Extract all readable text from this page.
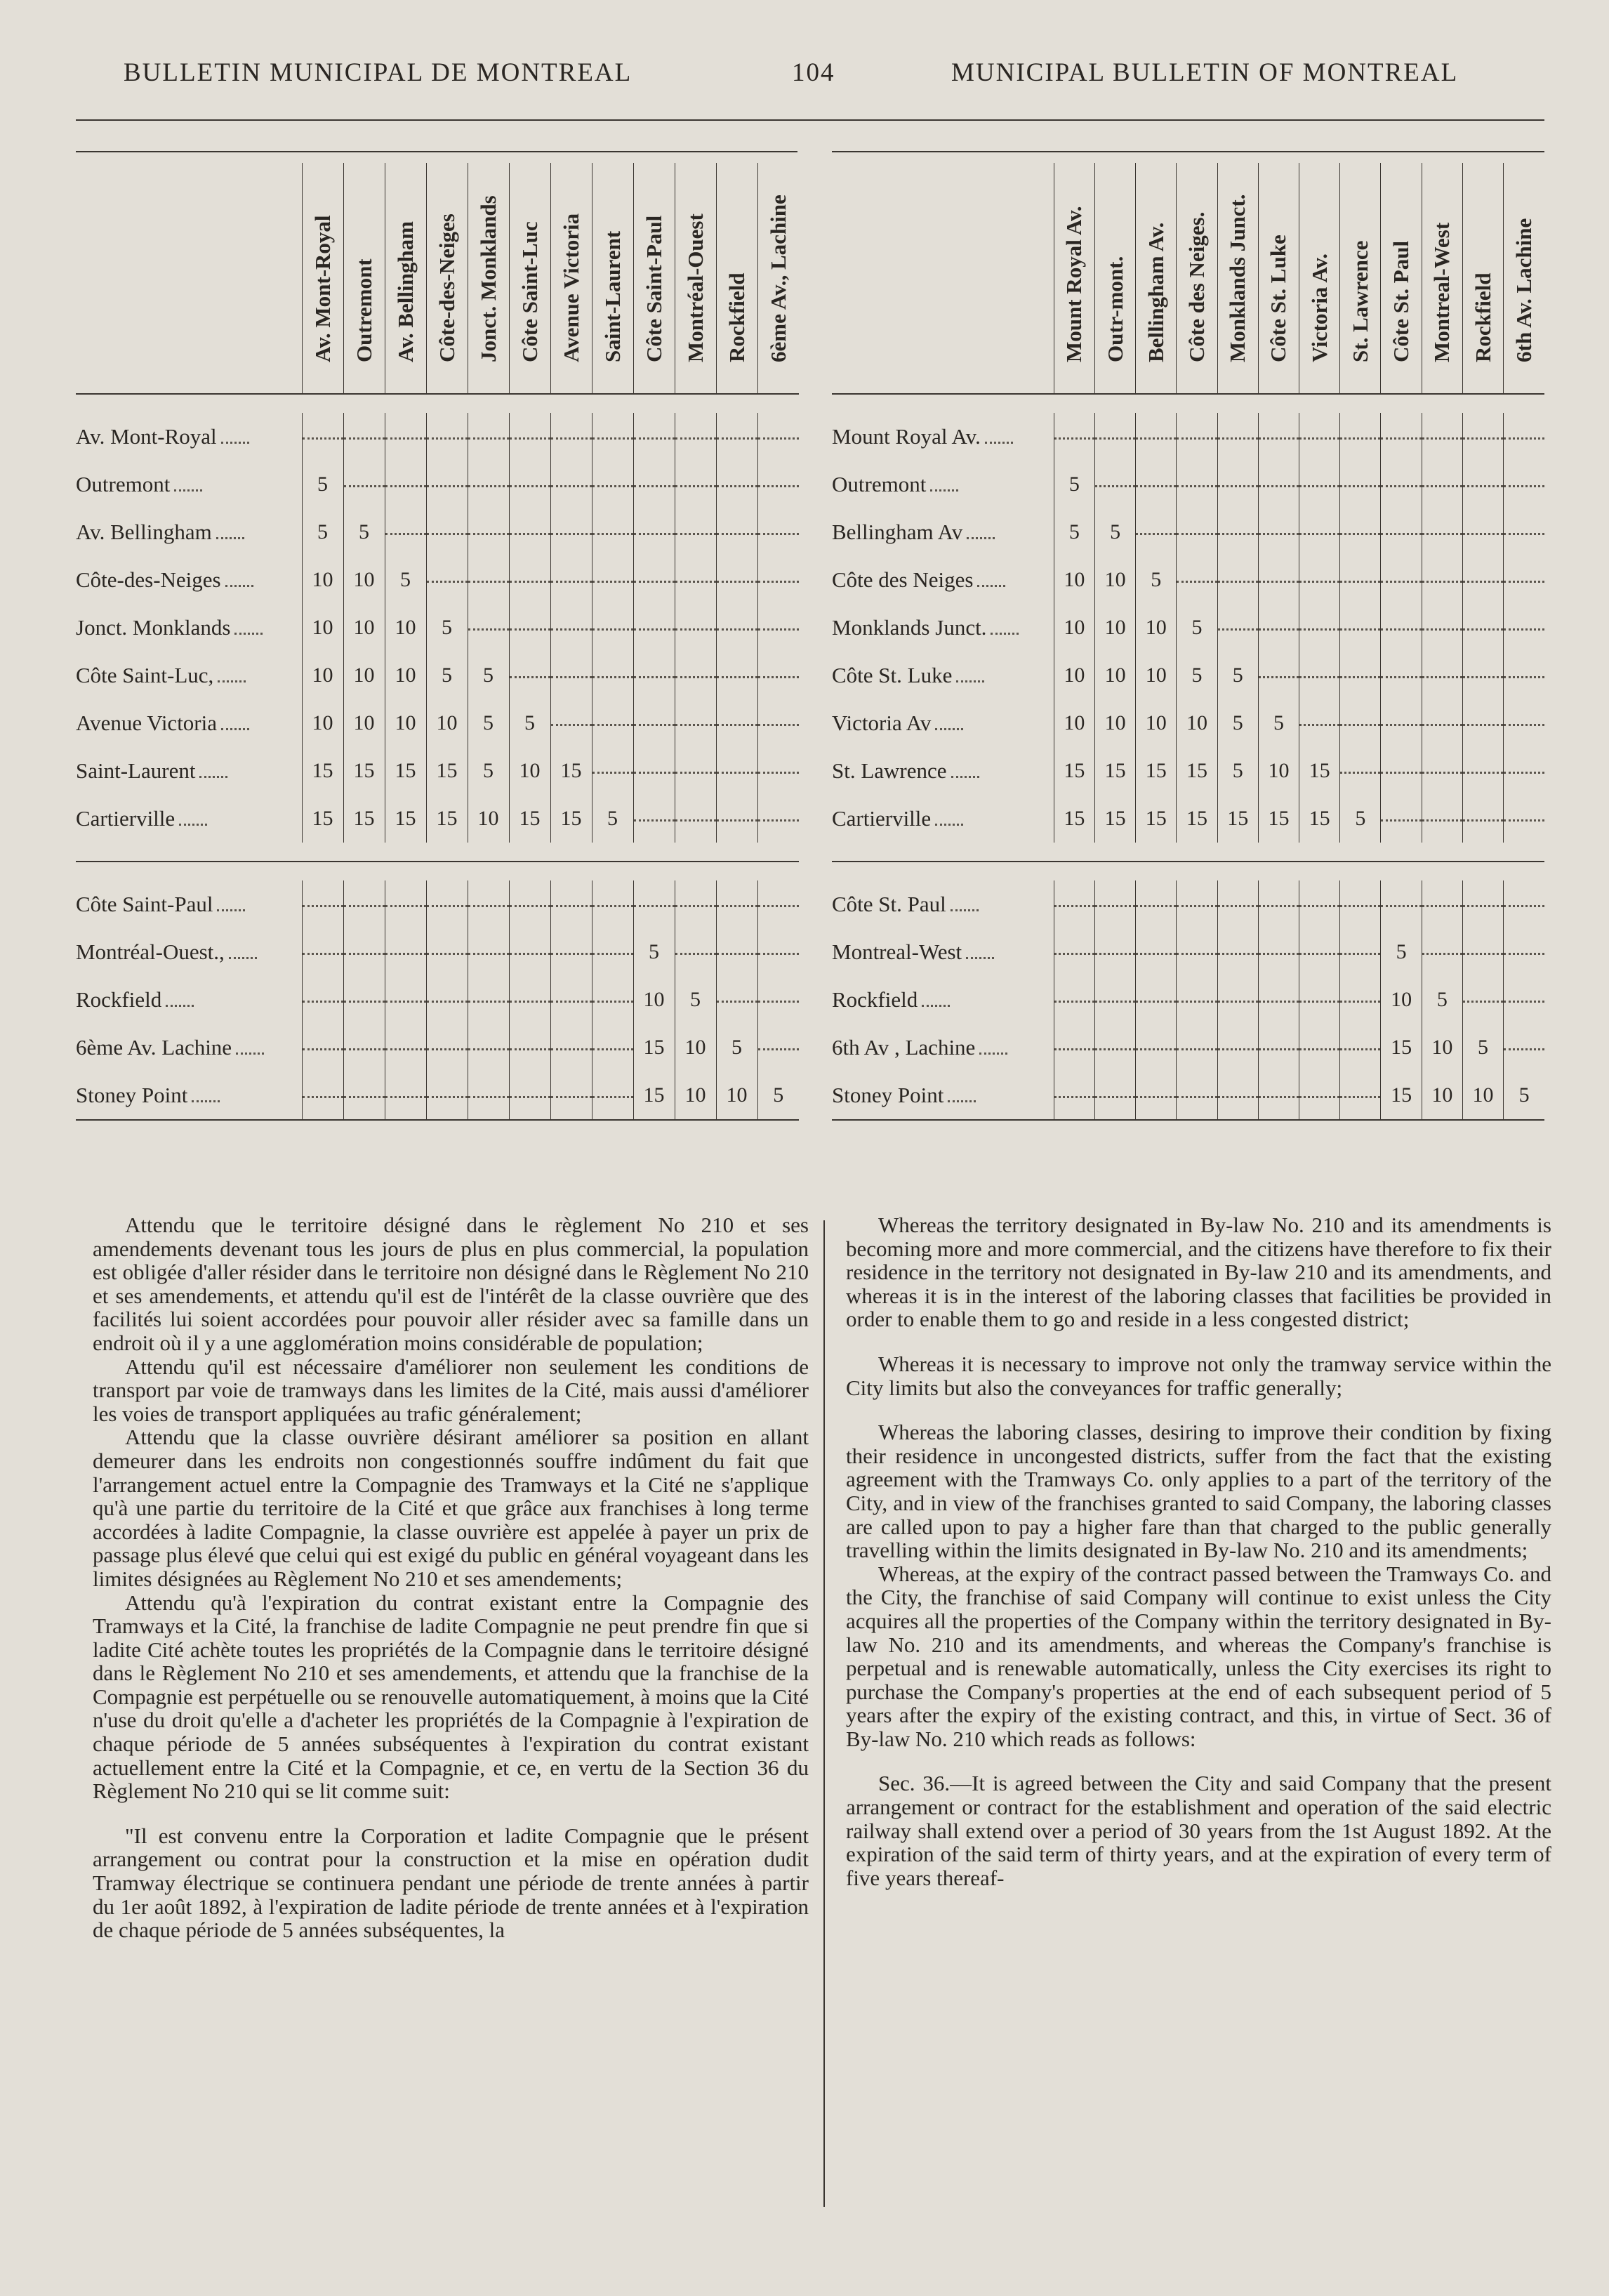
BULLETIN MUNICIPAL DE MONTREAL	104	MUNICIPAL BULLETIN OF MONTREAL

	Av. Mont-Royal	Outremont	Av. Bellingham	Côte-des-Neiges	Jonct. Monklands	Côte Saint-Luc	Avenue Victoria	Saint-Laurent	Côte Saint-Paul	Montréal-Ouest	Rockfield	6ème Av., Lachine

Av. Mont-Royal												
Outremont	5											
Av. Bellingham	5	5										
Côte-des-Neiges	10	10	5									
Jonct. Monklands	10	10	10	5								
Côte Saint-Luc,	10	10	10	5	5							
Avenue Victoria	10	10	10	10	5	5						
Saint-Laurent	15	15	15	15	5	10	15					
Cartierville	15	15	15	15	10	15	15	5				

Côte Saint-Paul												
Montréal-Ouest.,									5			
Rockfield									10	5		
6ème Av. Lachine									15	10	5	
Stoney Point									15	10	10	5

	Mount Royal Av.	Outr-mont.	Bellingham Av.	Côte des Neiges.	Monklands Junct.	Côte St. Luke	Victoria Av.	St. Lawrence	Côte St. Paul	Montreal-West	Rockfield	6th Av. Lachine

Mount Royal Av.												
Outremont	5											
Bellingham Av	5	5										
Côte des Neiges	10	10	5									
Monklands Junct.	10	10	10	5								
Côte St. Luke	10	10	10	5	5							
Victoria Av	10	10	10	10	5	5						
St. Lawrence	15	15	15	15	5	10	15					
Cartierville	15	15	15	15	15	15	15	5				

Côte St. Paul												
Montreal-West									5			
Rockfield									10	5		
6th Av , Lachine									15	10	5	
Stoney Point									15	10	10	5

Attendu que le territoire désigné dans le règlement No 210 et ses amendements devenant tous les jours de plus en plus commercial, la population est obligée d'aller résider dans le territoire non désigné dans le Règlement No 210 et ses amendements, et attendu qu'il est de l'intérêt de la classe ouvrière que des facilités lui soient accordées pour pouvoir aller résider avec sa famille dans un endroit où il y a une agglomération moins considérable de population;

Attendu qu'il est nécessaire d'améliorer non seulement les conditions de transport par voie de tramways dans les limites de la Cité, mais aussi d'améliorer les voies de transport appliquées au trafic généralement;

Attendu que la classe ouvrière désirant améliorer sa position en allant demeurer dans les endroits non congestionnés souffre indûment du fait que l'arrangement actuel entre la Compagnie des Tramways et la Cité ne s'applique qu'à une partie du territoire de la Cité et que grâce aux franchises à long terme accordées à ladite Compagnie, la classe ouvrière est appelée à payer un prix de passage plus élevé que celui qui est exigé du public en général voyageant dans les limites désignées au Règlement No 210 et ses amendements;

Attendu qu'à l'expiration du contrat existant entre la Compagnie des Tramways et la Cité, la franchise de ladite Compagnie ne peut prendre fin que si ladite Cité achète toutes les propriétés de la Compagnie dans le territoire désigné dans le Règlement No 210 et ses amendements, et attendu que la franchise de la Compagnie est perpétuelle ou se renouvelle automatiquement, à moins que la Cité n'use du droit qu'elle a d'acheter les propriétés de la Compagnie à l'expiration de chaque période de 5 années subséquentes à l'expiration du contrat existant actuellement entre la Cité et la Compagnie, et ce, en vertu de la Section 36 du Règlement No 210 qui se lit comme suit:

"Il est convenu entre la Corporation et ladite Compagnie que le présent arrangement ou contrat pour la construction et la mise en opération dudit Tramway électrique se continuera pendant une période de trente années à partir du 1er août 1892, à l'expiration de ladite période de trente années et à l'expiration de chaque période de 5 années subséquentes, la

Whereas the territory designated in By-law No. 210 and its amendments is becoming more and more commercial, and the citizens have therefore to fix their residence in the territory not designated in By-law 210 and its amendments, and whereas it is in the interest of the laboring classes that facilities be provided in order to enable them to go and reside in a less congested district;

Whereas it is necessary to improve not only the tramway service within the City limits but also the conveyances for traffic generally;

Whereas the laboring classes, desiring to improve their condition by fixing their residence in uncongested districts, suffer from the fact that the existing agreement with the Tramways Co. only applies to a part of the territory of the City, and in view of the franchises granted to said Company, the laboring classes are called upon to pay a higher fare than that charged to the public generally travelling within the limits designated in By-law No. 210 and its amendments;

Whereas, at the expiry of the contract passed between the Tramways Co. and the City, the franchise of said Company will continue to exist unless the City acquires all the properties of the Company within the territory designated in By-law No. 210 and its amendments, and whereas the Company's franchise is perpetual and is renewable automatically, unless the City exercises its right to purchase the Company's properties at the end of each subsequent period of 5 years after the expiry of the existing contract, and this, in virtue of Sect. 36 of By-law No. 210 which reads as follows:

Sec. 36.—It is agreed between the City and said Company that the present arrangement or contract for the establishment and operation of the said electric railway shall extend over a period of 30 years from the 1st August 1892. At the expiration of the said term of thirty years, and at the expiration of every term of five years thereaf-
